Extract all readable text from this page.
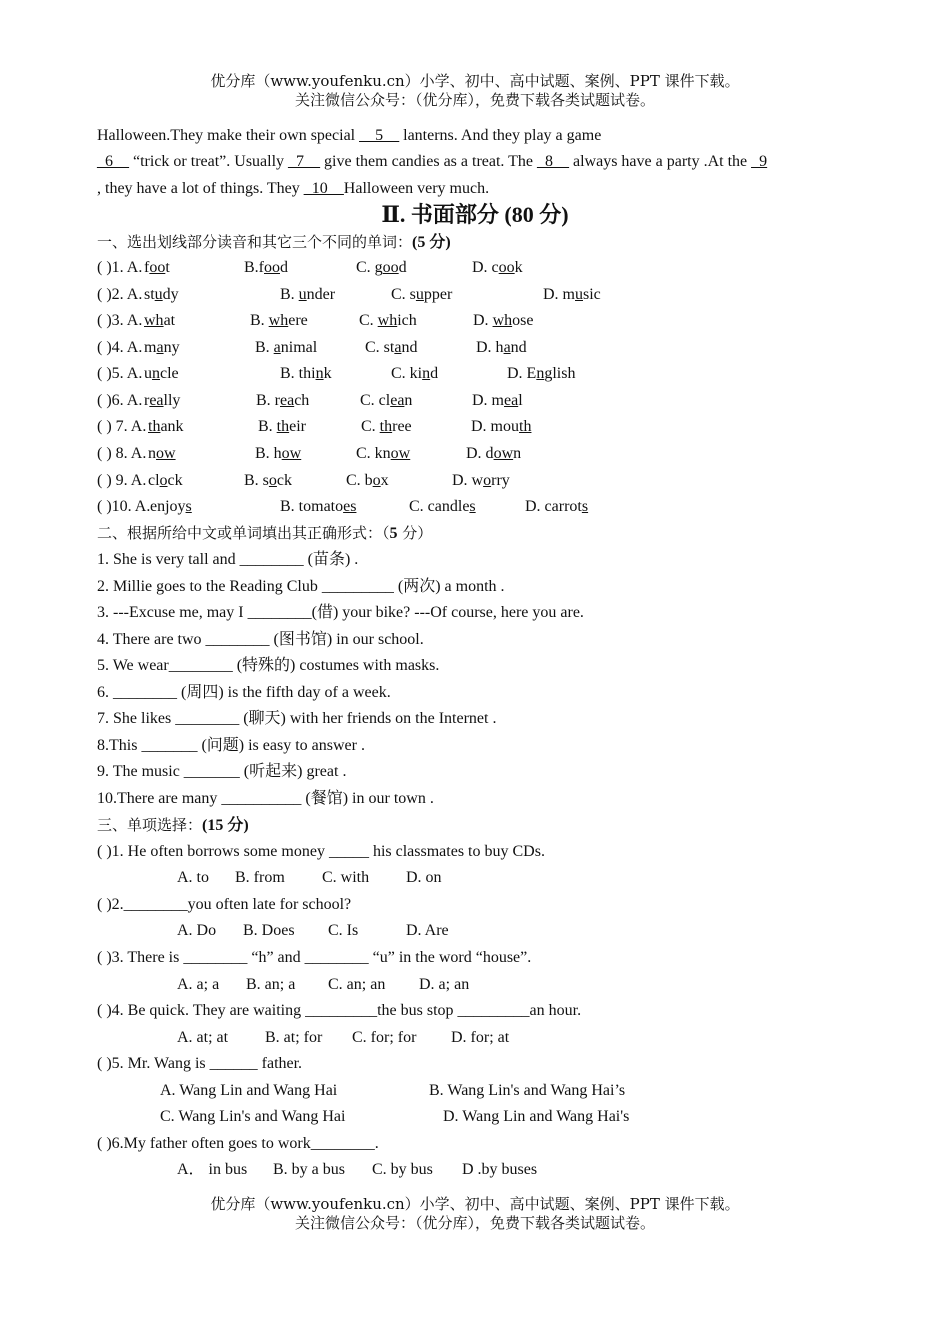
优分库（www.youfenku.cn）小学、初中、高中试题、案例、PPT 课件下载。
关注微信公众号：（优分库），免费下载各类试题试卷。
Halloween.They make their own special __5__ lanterns. And they play a game
_6__ “trick or treat”. Usually _7__ give them candies as a treat. The _8__ always have a party .At the _9
, they have a lot of things. They _10__Halloween very much.
Ⅱ. 书面部分 (80 分)
一、选出划线部分读音和其它三个不同的单词：(5 分)
( )1. A. foot	B.food	C. good	D. cook
( )2. A. study	B. under	C. supper	D. music
( )3. A. what	B. where	C. which	D. whose
( )4. A. many	B. animal	C. stand	D. hand
( )5. A. uncle	B. think	C. kind	D. English
( )6. A. really	B. reach	C. clean	D. meal
( ) 7. A. thank	B. their	C. three	D. mouth
( ) 8. A. now	B. how	C. know	D. down
( ) 9. A. clock	B. sock	C. box	D. worry
( )10. A. enjoys	B. tomatoes	C. candles	D. carrots
二、根据所给中文或单词填出其正确形式：（5 分）
1. She is very tall and ________ (苗条) .
2. Millie goes to the Reading Club _________ (两次) a month .
3. ---Excuse me, may I ________(借) your bike? ---Of course, here you are.
4. There are two ________ (图书馆) in our school.
5. We wear________ (特殊的) costumes with masks.
6. ________ (周四) is the fifth day of a week.
7. She likes ________ (聊天) with her friends on the Internet .
8.This _______ (问题) is easy to answer .
9. The music _______ (听起来) great .
10.There are many __________ (餐馆) in our town .
三、单项选择：(15 分)
( )1. He often borrows some money _____ his classmates to buy CDs.
A. to B. from C. with D. on
( )2.________you often late for school?
A. Do B. Does C. Is	D. Are
( )3. There is ________ “h” and ________ “u” in the word “house”.
A. a; a B. an; a C. an; an D. a; an
( )4. Be quick. They are waiting _________the bus stop _________an hour.
A. at; at B. at; for C. for; for D. for; at
( )5. Mr. Wang is ______ father.
A. Wang Lin and Wang Hai	B. Wang Lin's and Wang Hai’s
C. Wang Lin's and Wang Hai	D. Wang Lin and Wang Hai's
( )6.My father often goes to work________.
A． in bus B. by a bus C. by bus D .by buses
优分库（www.youfenku.cn）小学、初中、高中试题、案例、PPT 课件下载。
关注微信公众号：（优分库），免费下载各类试题试卷。
